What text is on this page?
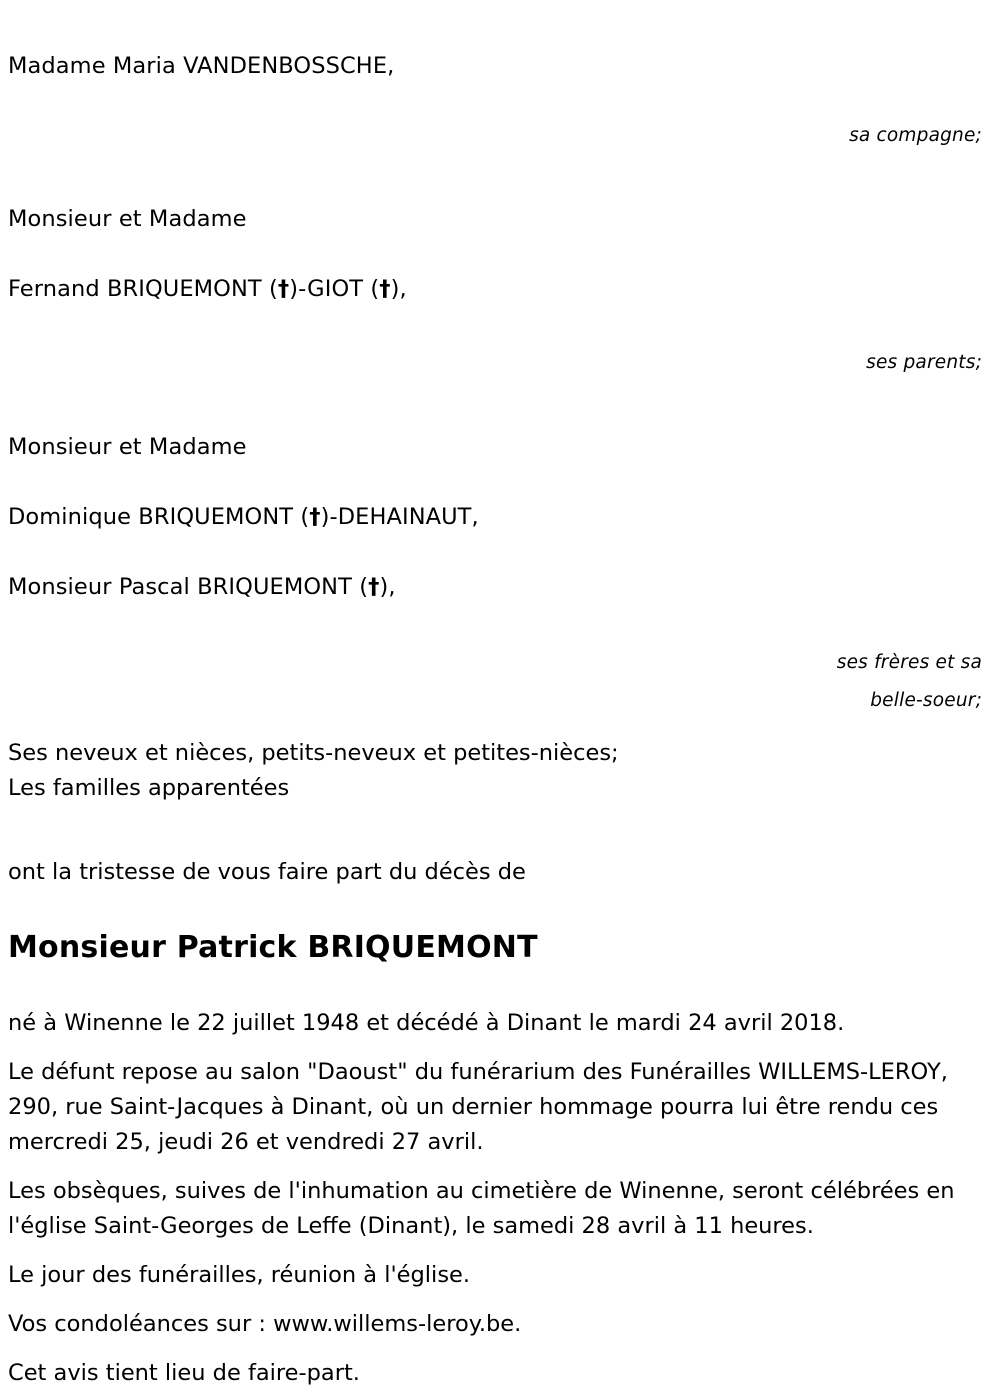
Madame Maria VANDENBOSSCHE,

sa compagne;

Monsieur et Madame

Fernand BRIQUEMONT (†)-GIOT (†),

ses parents;

Monsieur et Madame

Dominique BRIQUEMONT (†)-DEHAINAUT,

Monsieur Pascal BRIQUEMONT (†),

ses frères et sa
belle-soeur;
Ses neveux et nièces, petits-neveux et petites-nièces;
Les familles apparentées
ont la tristesse de vous faire part du décès de
Monsieur Patrick BRIQUEMONT

né à Winenne le 22 juillet 1948 et décédé à Dinant le mardi 24 avril 2018.

Le défunt repose au salon "Daoust" du funérarium des Funérailles WILLEMS-LEROY, 290, rue Saint-Jacques à Dinant, où un dernier hommage pourra lui être rendu ces mercredi 25, jeudi 26 et vendredi 27 avril.

Les obsèques, suives de l'inhumation au cimetière de Winenne, seront célébrées en l'église Saint-Georges de Leffe (Dinant), le samedi 28 avril à 11 heures.

Le jour des funérailles, réunion à l'église.

Vos condoléances sur : www.willems-leroy.be.

Cet avis tient lieu de faire-part.
